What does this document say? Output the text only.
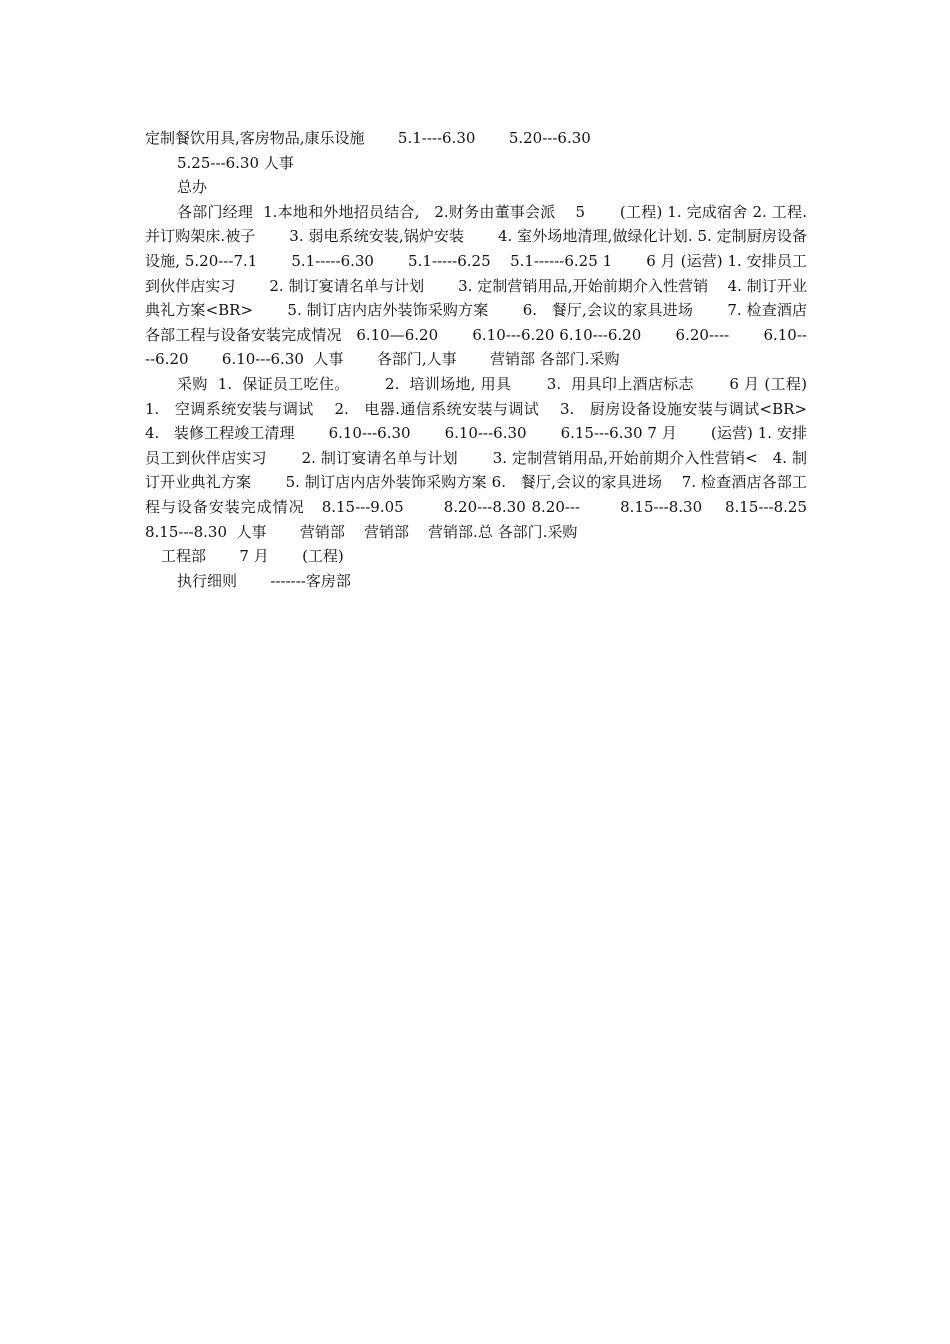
定制餐饮用具,客房物品,康乐设施       5.1----6.30       5.20---6.30

5.25---6.30 人事

总办

各部门经理  1.本地和外地招员结合,   2.财务由董事会派    5       (工程) 1. 完成宿舍 2. 工程.并订购架床.被子       3. 弱电系统安装,锅炉安装       4. 室外场地清理,做绿化计划. 5. 定制厨房设备设施, 5.20---7.1       5.1-----6.30       5.1-----6.25    5.1------6.25 1       6 月 (运营) 1. 安排员工到伙伴店实习       2. 制订宴请名单与计划       3. 定制营销用品,开始前期介入性营销    4. 制订开业典礼方案<BR>       5. 制订店内店外装饰采购方案       6.   餐厅,会议的家具进场       7. 检查酒店各部工程与设备安装完成情况   6.10—6.20       6.10---6.20 6.10---6.20       6.20----       6.10----6.20       6.10---6.30  人事       各部门,人事       营销部 各部门.采购

采购  1.  保证员工吃住。       2.  培训场地, 用具       3.  用具印上酒店标志       6 月 (工程) 1.   空调系统安装与调试    2.   电器.通信系统安装与调试    3.   厨房设备设施安装与调试<BR>       4.   装修工程竣工清理       6.10---6.30       6.10---6.30       6.15---6.30 7 月       (运营) 1. 安排员工到伙伴店实习       2. 制订宴请名单与计划       3. 定制营销用品,开始前期介入性营销<   4. 制订开业典礼方案       5. 制订店内店外装饰采购方案 6.   餐厅,会议的家具进场    7. 检查酒店各部工程与设备安装完成情况   8.15---9.05       8.20---8.30 8.20---       8.15---8.30    8.15---8.25       8.15---8.30  人事       营销部    营销部    营销部.总 各部门.采购

工程部       7 月       (工程)

执行细则       -------客房部
